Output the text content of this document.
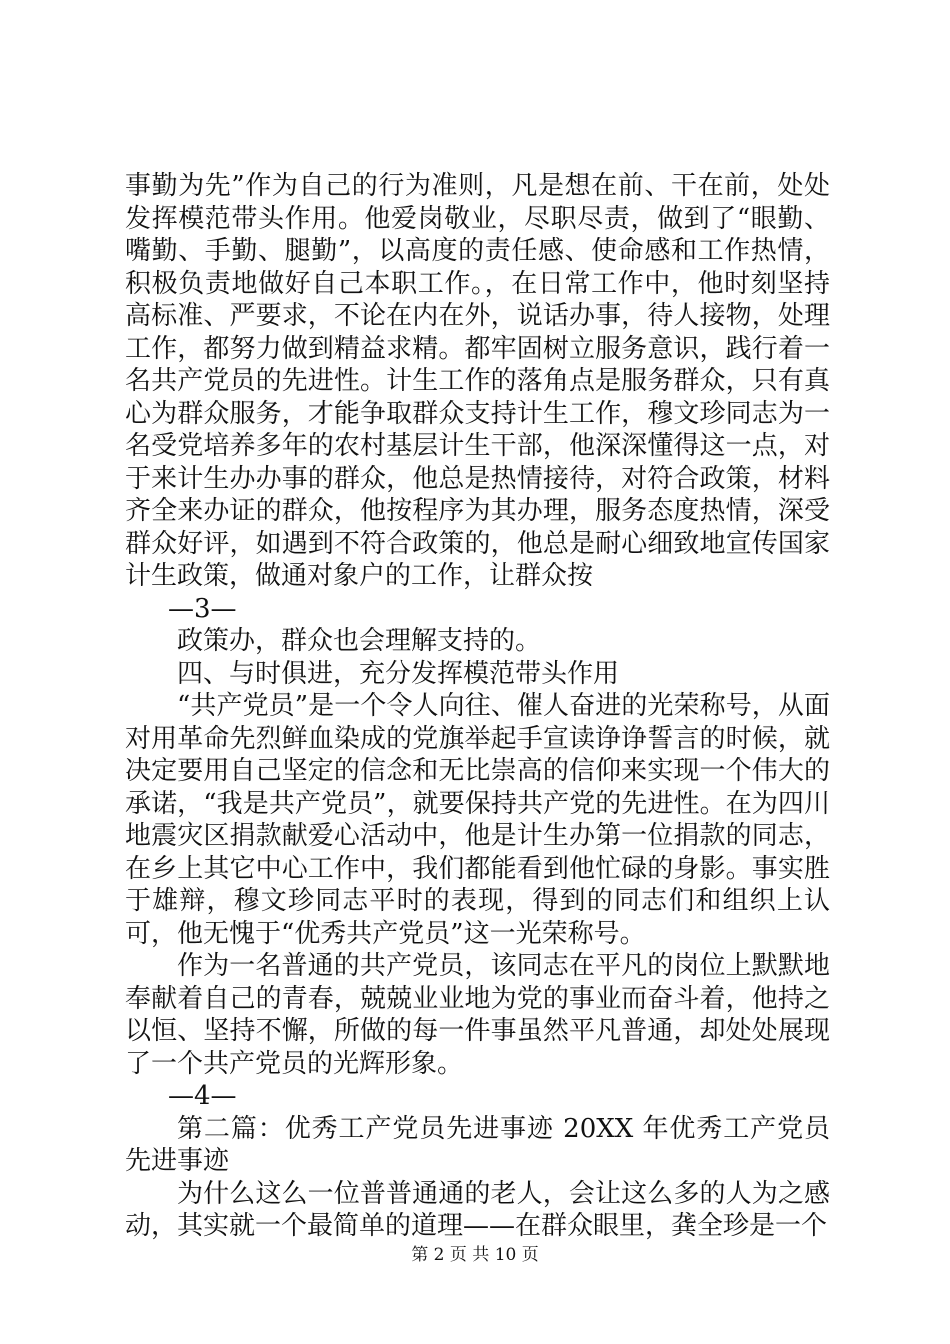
事勤为先”作为自己的行为准则，凡是想在前、干在前，处处发挥模范带头作用。他爱岗敬业，尽职尽责，做到了“眼勤、嘴勤、手勤、腿勤”，以高度的责任感、使命感和工作热情，积极负责地做好自己本职工作。，在日常工作中，他时刻坚持高标准、严要求，不论在内在外，说话办事，待人接物，处理工作，都努力做到精益求精。都牢固树立服务意识，践行着一名共产党员的先进性。计生工作的落角点是服务群众，只有真心为群众服务，才能争取群众支持计生工作，穆文珍同志为一名受党培养多年的农村基层计生干部，他深深懂得这一点，对于来计生办办事的群众，他总是热情接待，对符合政策，材料齐全来办证的群众，他按程序为其办理，服务态度热情，深受群众好评，如遇到不符合政策的，他总是耐心细致地宣传国家计生政策，做通对象户的工作，让群众按

—3—

政策办，群众也会理解支持的。

四、与时俱进，充分发挥模范带头作用

“共产党员”是一个令人向往、催人奋进的光荣称号，从面对用革命先烈鲜血染成的党旗举起手宣读诤诤誓言的时候，就决定要用自己坚定的信念和无比崇高的信仰来实现一个伟大的承诺，“我是共产党员”，就要保持共产党的先进性。在为四川地震灾区捐款献爱心活动中，他是计生办第一位捐款的同志，在乡上其它中心工作中，我们都能看到他忙碌的身影。事实胜于雄辩，穆文珍同志平时的表现，得到的同志们和组织上认可，他无愧于“优秀共产党员”这一光荣称号。

作为一名普通的共产党员，该同志在平凡的岗位上默默地奉献着自己的青春，兢兢业业地为党的事业而奋斗着，他持之以恒、坚持不懈，所做的每一件事虽然平凡普通，却处处展现了一个共产党员的光辉形象。

—4—

第二篇：优秀工产党员先进事迹 20XX 年优秀工产党员先进事迹

为什么这么一位普普通通的老人，会让这么多的人为之感动，其实就一个最简单的道理——在群众眼里，龚全珍是一个

第 2 页 共 10 页
